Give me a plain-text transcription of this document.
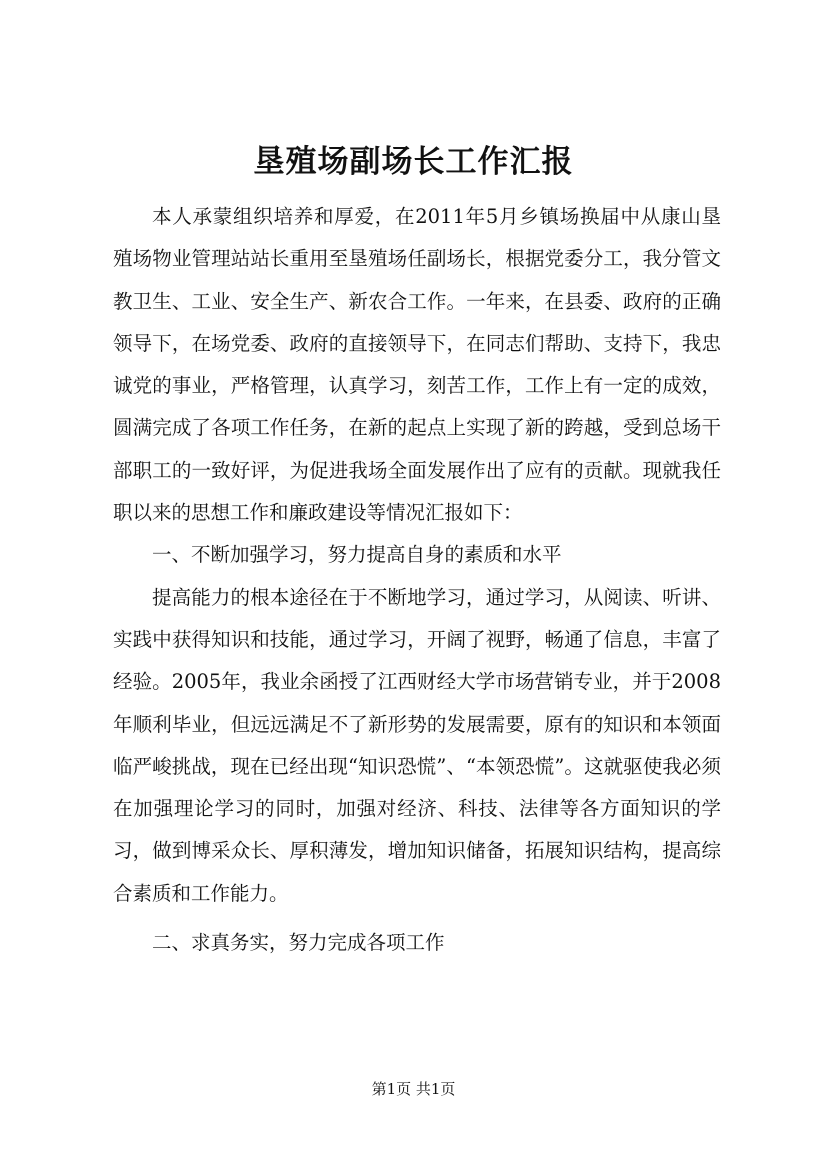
垦殖场副场长工作汇报

本人承蒙组织培养和厚爱，在2011年5月乡镇场换届中从康山垦殖场物业管理站站长重用至垦殖场任副场长，根据党委分工，我分管文教卫生、工业、安全生产、新农合工作。一年来，在县委、政府的正确领导下，在场党委、政府的直接领导下，在同志们帮助、支持下，我忠诚党的事业，严格管理，认真学习，刻苦工作，工作上有一定的成效，圆满完成了各项工作任务，在新的起点上实现了新的跨越，受到总场干部职工的一致好评，为促进我场全面发展作出了应有的贡献。现就我任职以来的思想工作和廉政建设等情况汇报如下：

一、不断加强学习，努力提高自身的素质和水平

提高能力的根本途径在于不断地学习，通过学习，从阅读、听讲、实践中获得知识和技能，通过学习，开阔了视野，畅通了信息，丰富了经验。2005年，我业余函授了江西财经大学市场营销专业，并于2008年顺利毕业，但远远满足不了新形势的发展需要，原有的知识和本领面临严峻挑战，现在已经出现“知识恐慌”、“本领恐慌”。这就驱使我必须在加强理论学习的同时，加强对经济、科技、法律等各方面知识的学习，做到博采众长、厚积薄发，增加知识储备，拓展知识结构，提高综合素质和工作能力。

二、求真务实，努力完成各项工作

第1页 共1页
